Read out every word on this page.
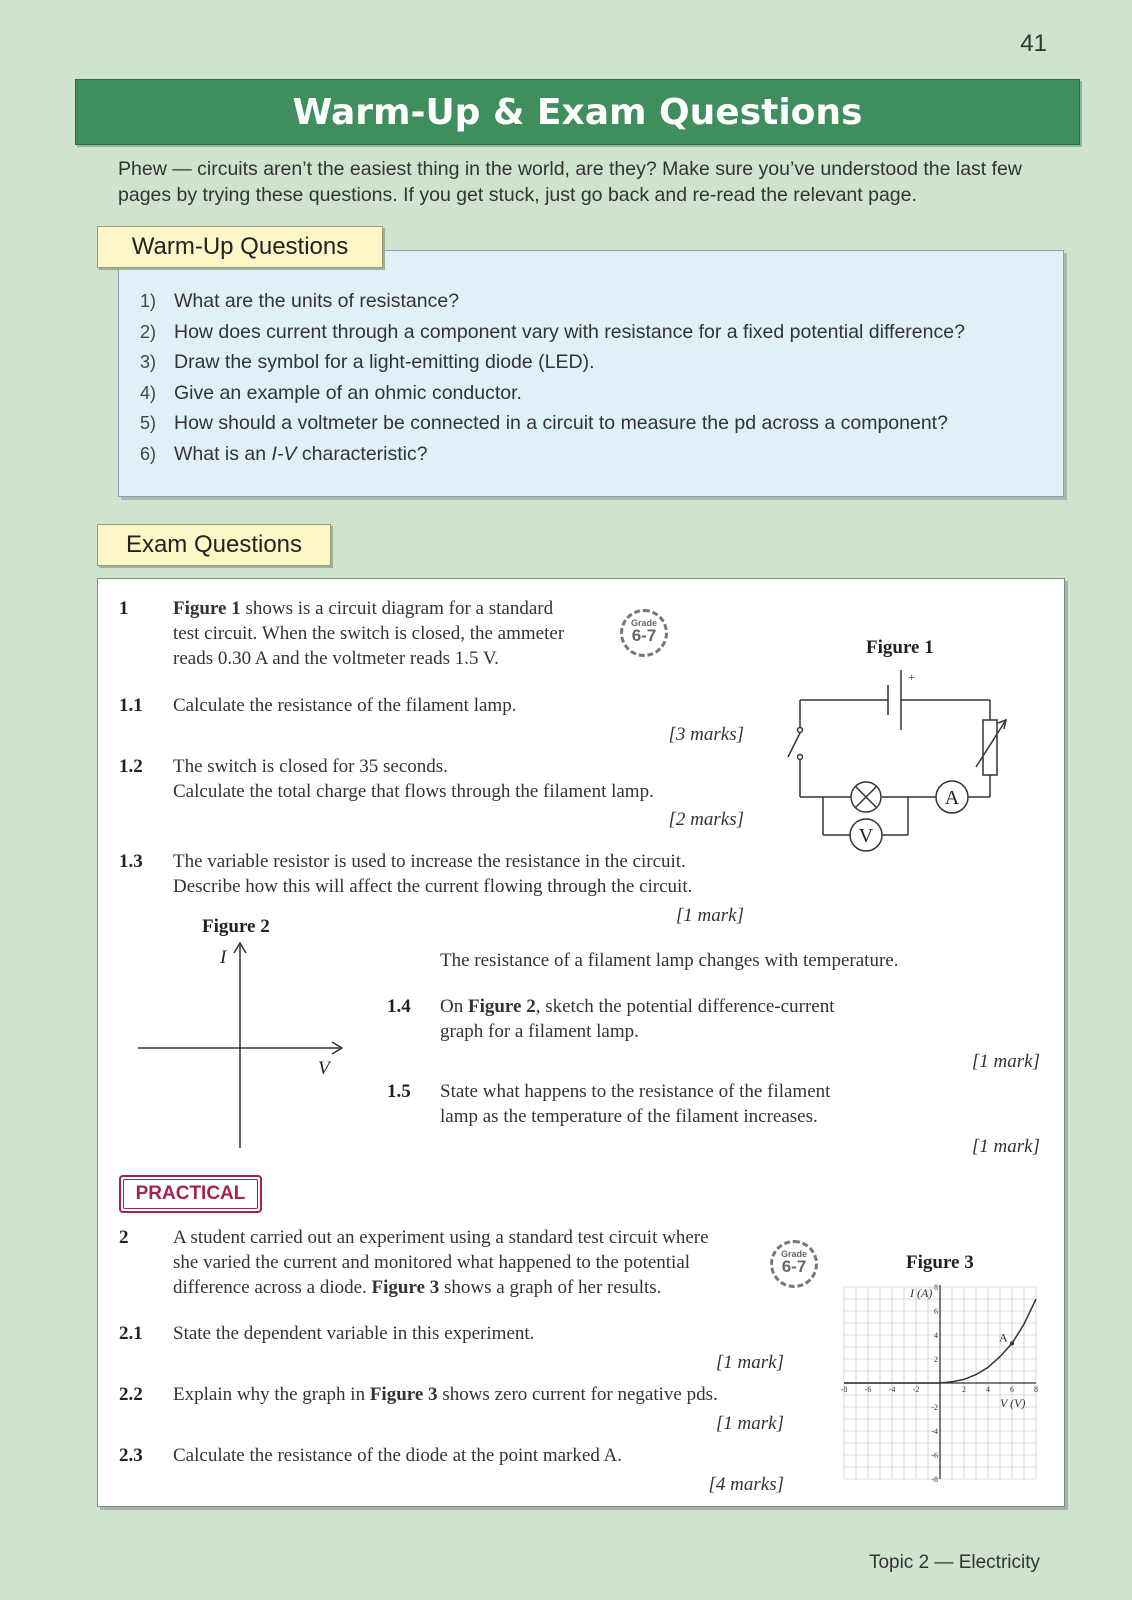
41
Warm-Up & Exam Questions
Phew — circuits aren’t the easiest thing in the world, are they? Make sure you’ve understood the last few pages by trying these questions. If you get stuck, just go back and re-read the relevant page.
Warm-Up Questions
1) What are the units of resistance?
2) How does current through a component vary with resistance for a fixed potential difference?
3) Draw the symbol for a light-emitting diode (LED).
4) Give an example of an ohmic conductor.
5) How should a voltmeter be connected in a circuit to measure the pd across a component?
6) What is an I-V characteristic?
Exam Questions
1 Figure 1 shows is a circuit diagram for a standard
test circuit. When the switch is closed, the ammeter
reads 0.30 A and the voltmeter reads 1.5 V.
Grade
6-7
1.1 Calculate the resistance of the filament lamp.
[3 marks]
1.2 The switch is closed for 35 seconds.
Calculate the total charge that flows through the filament lamp.
[2 marks]
1.3 The variable resistor is used to increase the resistance in the circuit.
Describe how this will affect the current flowing through the circuit.
[1 mark]
Figure 1
+
A
V
Figure 2
I
V
The resistance of a filament lamp changes with temperature.
1.4 On Figure 2, sketch the potential difference-current
graph for a filament lamp.
[1 mark]
1.5 State what happens to the resistance of the filament
lamp as the temperature of the filament increases.
[1 mark]
PRACTICAL
2 A student carried out an experiment using a standard test circuit where
she varied the current and monitored what happened to the potential
difference across a diode. Figure 3 shows a graph of her results.
Grade
6-7
2.1 State the dependent variable in this experiment.
[1 mark]
2.2 Explain why the graph in Figure 3 shows zero current for negative pds.
[1 mark]
2.3 Calculate the resistance of the diode at the point marked A.
[4 marks]
Figure 3
-8 -6 -4 -2	2	4	6	8
-8
-6
-4
-2
2
4
6
8
A
I (A)
V (V)
Topic 2 — Electricity
